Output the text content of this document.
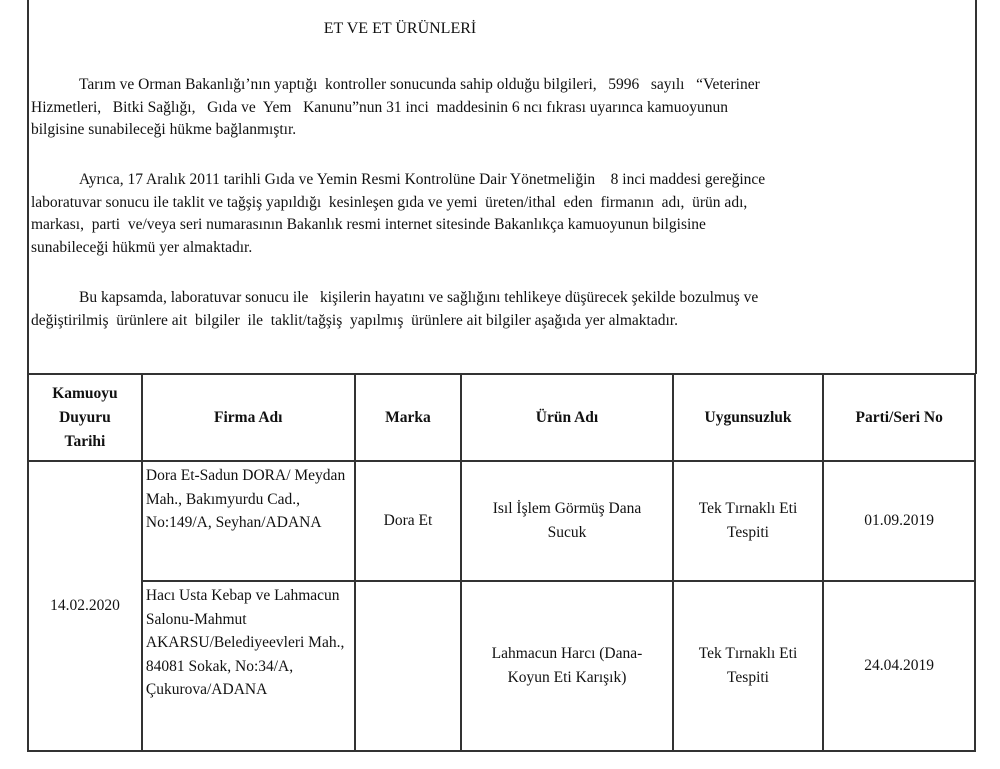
ET VE ET ÜRÜNLERİ
Tarım ve Orman Bakanlığı’nın yaptığı  kontroller sonucunda sahip olduğu bilgileri,   5996   sayılı   “Veteriner
Hizmetleri,   Bitki Sağlığı,   Gıda ve  Yem   Kanunu”nun 31 inci  maddesinin 6 ncı fıkrası uyarınca kamuoyunun
bilgisine sunabileceği hükme bağlanmıştır.
Ayrıca, 17 Aralık 2011 tarihli Gıda ve Yemin Resmi Kontrolüne Dair Yönetmeliğin    8 inci maddesi gereğince
laboratuvar sonucu ile taklit ve tağşiş yapıldığı  kesinleşen gıda ve yemi  üreten/ithal  eden  firmanın  adı,  ürün adı,
markası,  parti  ve/veya seri numarasının Bakanlık resmi internet sitesinde Bakanlıkça kamuoyunun bilgisine
sunabileceği hükmü yer almaktadır.
Bu kapsamda, laboratuvar sonucu ile   kişilerin hayatını ve sağlığını tehlikeye düşürecek şekilde bozulmuş ve
değiştirilmiş  ürünlere ait  bilgiler  ile  taklit/tağşiş  yapılmış  ürünlere ait bilgiler aşağıda yer almaktadır.
Kamuoyu Duyuru Tarihi	Firma Adı	Marka	Ürün Adı	Uygunsuzluk	Parti/Seri No
14.02.2020	Dora Et-Sadun DORA/ Meydan Mah., Bakımyurdu Cad., No:149/A, Seyhan/ADANA	Dora Et	Isıl İşlem Görmüş Dana Sucuk	Tek Tırnaklı Eti Tespiti	01.09.2019
	Hacı Usta Kebap ve Lahmacun Salonu-Mahmut AKARSU/Belediyeevleri Mah., 84081 Sokak, No:34/A, Çukurova/ADANA		Lahmacun Harcı (Dana-Koyun Eti Karışık)	Tek Tırnaklı Eti Tespiti	24.04.2019
